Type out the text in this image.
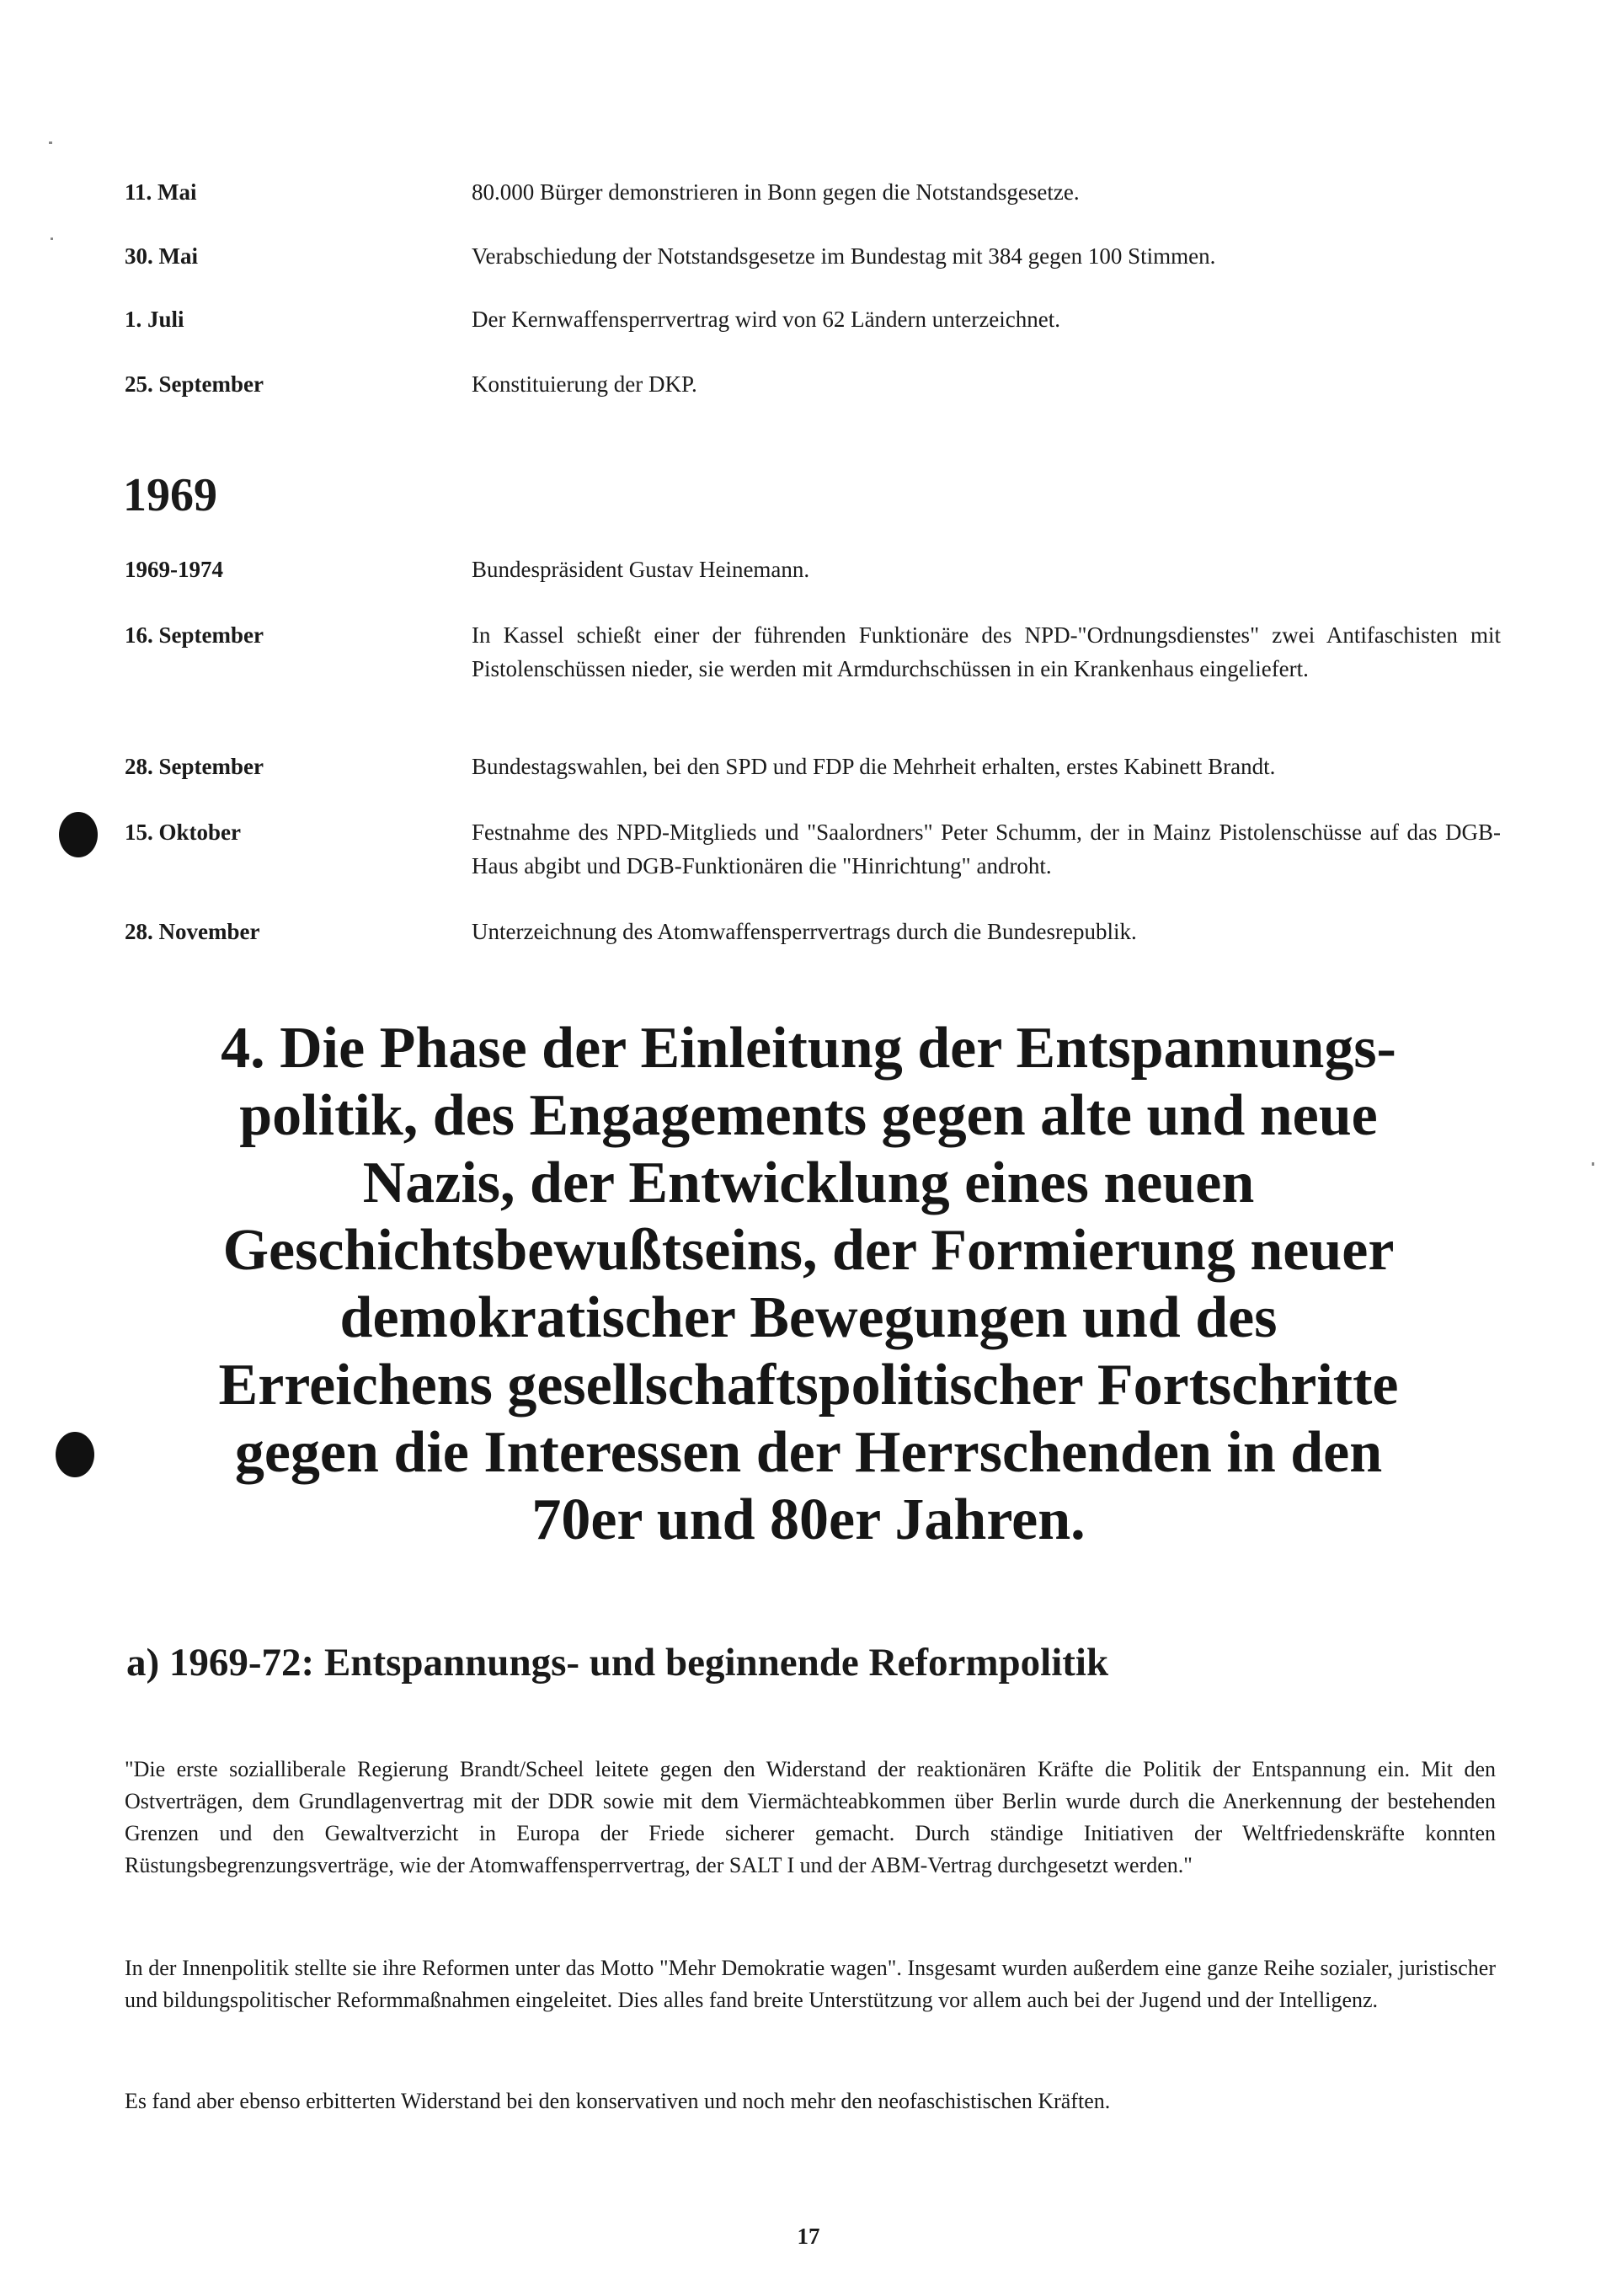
11. Mai	80.000 Bürger demonstrieren in Bonn gegen die Notstandsgesetze.
30. Mai	Verabschiedung der Notstandsgesetze im Bundestag mit 384 gegen 100 Stimmen.
1. Juli	Der Kernwaffensperrvertrag wird von 62 Ländern unterzeichnet.
25. September	Konstituierung der DKP.
1969
1969-1974	Bundespräsident Gustav Heinemann.
16. September	In Kassel schießt einer der führenden Funktionäre des NPD-"Ordnungsdienstes" zwei Antifaschisten mit Pistolenschüssen nieder, sie werden mit Armdurchschüssen in ein Krankenhaus eingeliefert.
28. September	Bundestagswahlen, bei den SPD und FDP die Mehrheit erhalten, erstes Kabinett Brandt.
15. Oktober	Festnahme des NPD-Mitglieds und "Saalordners" Peter Schumm, der in Mainz Pistolenschüsse auf das DGB-Haus abgibt und DGB-Funktionären die "Hinrichtung" androht.
28. November	Unterzeichnung des Atomwaffensperrvertrags durch die Bundesrepublik.
4. Die Phase der Einleitung der Entspannungs-
politik, des Engagements gegen alte und neue
Nazis, der Entwicklung eines neuen
Geschichtsbewußtseins, der Formierung neuer
demokratischer Bewegungen und des
Erreichens gesellschaftspolitischer Fortschritte
gegen die Interessen der Herrschenden in den
70er und 80er Jahren.
a) 1969-72: Entspannungs- und beginnende Reformpolitik
"Die erste sozialliberale Regierung Brandt/Scheel leitete gegen den Widerstand der reaktionären Kräfte die Politik der Entspannung ein. Mit den Ostverträgen, dem Grundlagenvertrag mit der DDR sowie mit dem Viermächteabkommen über Berlin wurde durch die Anerkennung der bestehenden Grenzen und den Gewaltverzicht in Europa der Friede sicherer gemacht. Durch ständige Initiativen der Weltfriedenskräfte konnten Rüstungsbegrenzungsverträge, wie der Atomwaffensperrvertrag, der SALT I und der ABM-Vertrag durchgesetzt werden."
In der Innenpolitik stellte sie ihre Reformen unter das Motto "Mehr Demokratie wagen". Insgesamt wurden außerdem eine ganze Reihe sozialer, juristischer und bildungspolitischer Reformmaßnahmen eingeleitet. Dies alles fand breite Unterstützung vor allem auch bei der Jugend und der Intelligenz.
Es fand aber ebenso erbitterten Widerstand bei den konservativen und noch mehr den neofaschistischen Kräften.
17
